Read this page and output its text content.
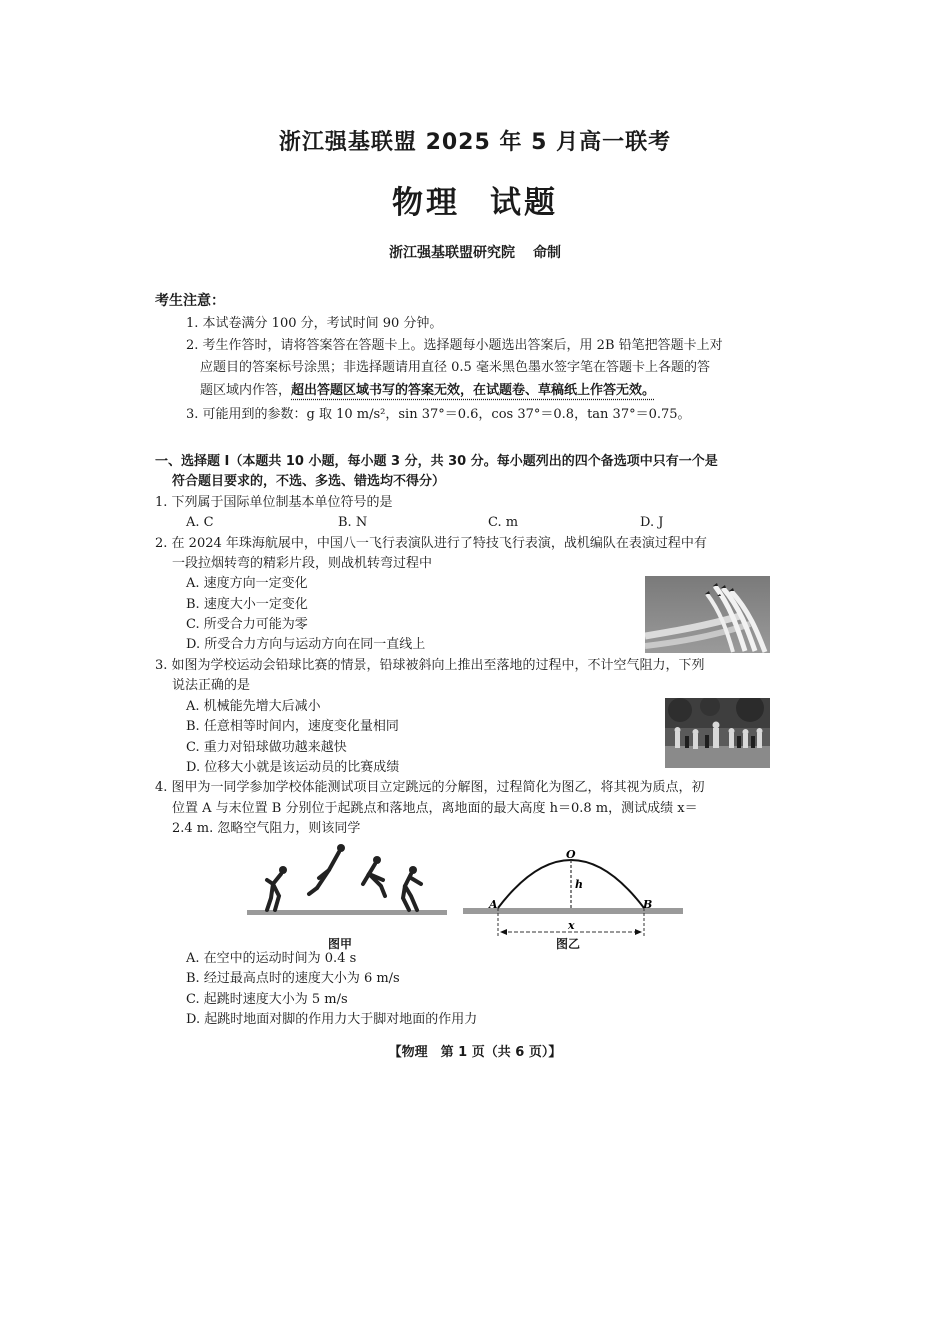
浙江强基联盟 2025 年 5 月高一联考
物理 试题
浙江强基联盟研究院 命制
考生注意：
1. 本试卷满分 100 分，考试时间 90 分钟。
2. 考生作答时，请将答案答在答题卡上。选择题每小题选出答案后，用 2B 铅笔把答题卡上对
应题目的答案标号涂黑；非选择题请用直径 0.5 毫米黑色墨水签字笔在答题卡上各题的答
题区域内作答，超出答题区域书写的答案无效，在试题卷、草稿纸上作答无效。
3. 可能用到的参数：g 取 10 m/s²，sin 37°＝0.6，cos 37°＝0.8，tan 37°＝0.75。
一、选择题 Ⅰ（本题共 10 小题，每小题 3 分，共 30 分。每小题列出的四个备选项中只有一个是
符合题目要求的，不选、多选、错选均不得分）
1. 下列属于国际单位制基本单位符号的是
A. C	B. N	C. m	D. J
2. 在 2024 年珠海航展中，中国八一飞行表演队进行了特技飞行表演，战机编队在表演过程中有
一段拉烟转弯的精彩片段，则战机转弯过程中
A. 速度方向一定变化
B. 速度大小一定变化
C. 所受合力可能为零
D. 所受合力方向与运动方向在同一直线上
3. 如图为学校运动会铅球比赛的情景，铅球被斜向上推出至落地的过程中，不计空气阻力，下列
说法正确的是
A. 机械能先增大后减小
B. 任意相等时间内，速度变化量相同
C. 重力对铅球做功越来越快
D. 位移大小就是该运动员的比赛成绩
4. 图甲为一同学参加学校体能测试项目立定跳远的分解图，过程简化为图乙，将其视为质点，初
位置 A 与末位置 B 分别位于起跳点和落地点，离地面的最大高度 h＝0.8 m，测试成绩 x＝
2.4 m. 忽略空气阻力，则该同学
图甲
O
h
A	B
x
图乙
A. 在空中的运动时间为 0.4 s
B. 经过最高点时的速度大小为 6 m/s
C. 起跳时速度大小为 5 m/s
D. 起跳时地面对脚的作用力大于脚对地面的作用力
【物理　第 1 页（共 6 页）】
